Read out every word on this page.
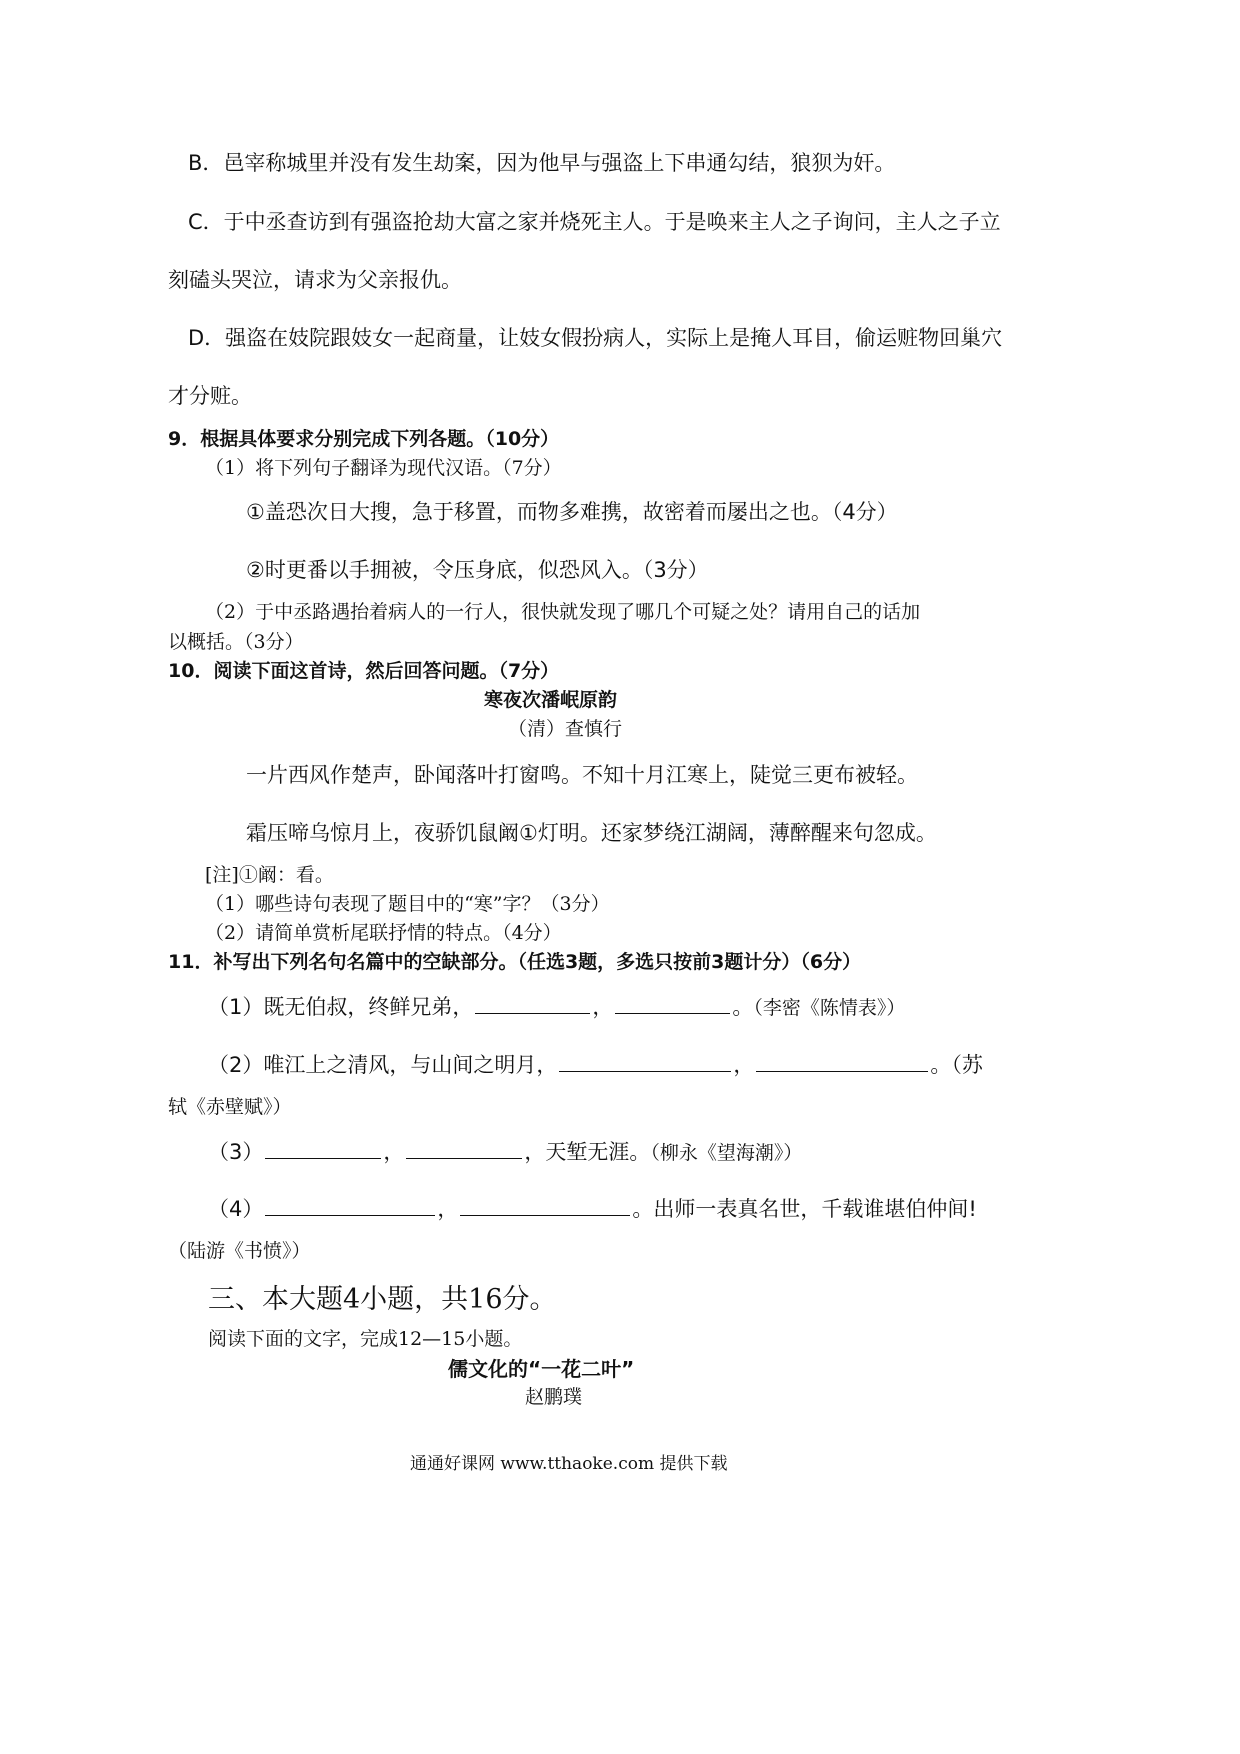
B．邑宰称城里并没有发生劫案，因为他早与强盗上下串通勾结，狼狈为奸。
C．于中丞查访到有强盗抢劫大富之家并烧死主人。于是唤来主人之子询问，主人之子立
刻磕头哭泣，请求为父亲报仇。
D．强盗在妓院跟妓女一起商量，让妓女假扮病人，实际上是掩人耳目，偷运赃物回巢穴
才分赃。
9．根据具体要求分别完成下列各题。（10分）
（1）将下列句子翻译为现代汉语。（7分）
①盖恐次日大搜，急于移置，而物多难携，故密着而屡出之也。（4分）
②时更番以手拥被，令压身底，似恐风入。（3分）
（2）于中丞路遇抬着病人的一行人，很快就发现了哪几个可疑之处？请用自己的话加
以概括。（3分）
10．阅读下面这首诗，然后回答问题。（7分）
寒夜次潘岷原韵
（清）查慎行
一片西风作楚声，卧闻落叶打窗鸣。不知十月江寒上，陡觉三更布被轻。
霜压啼乌惊月上，夜骄饥鼠阚①灯明。还家梦绕江湖阔，薄醉醒来句忽成。
[注]①阚：看。
（1）哪些诗句表现了题目中的“寒”字？（3分）
（2）请简单赏析尾联抒情的特点。（4分）
11．补写出下列名句名篇中的空缺部分。（任选3题，多选只按前3题计分）（6分）
（1）既无伯叔，终鲜兄弟，	，	。（李密《陈情表》）
（2）唯江上之清风，与山间之明月，	，	。（苏
轼《赤壁赋》）
（3）	，	，天堑无涯。（柳永《望海潮》）
（4）	，	。出师一表真名世，千载谁堪伯仲间!
（陆游《书愤》）
三、本大题4小题，共16分。
阅读下面的文字，完成12—15小题。
儒文化的“一花二叶”
赵鹏璞
通通好课网 www.tthaoke.com 提供下载
